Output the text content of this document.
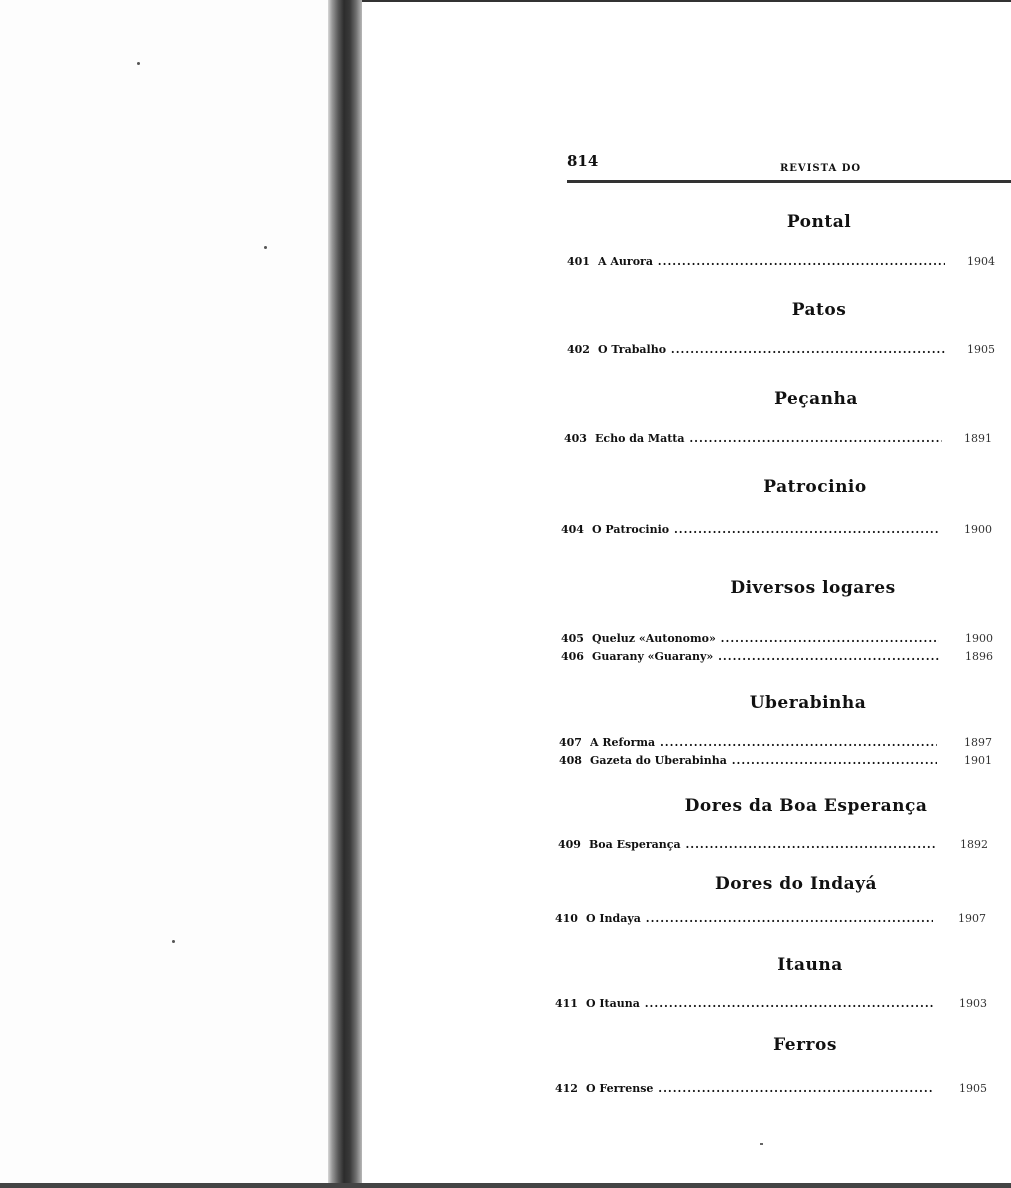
814	REVISTA DO
Pontal
401 A Aurora .....	1904
Patos
402 O Trabalho .....	1905
Peçanha
403 Echo da Matta .....	1891
Patrocinio
404 O Patrocinio .....	1900
Diversos logares
405 Queluz «Autonomo» .....	1900
406 Guarany «Guarany» .....	1896
Uberabinha
407 A Reforma .....	1897
408 Gazeta do Uberabinha .....	1901
Dores da Boa Esperança
409 Boa Esperança .....	1892
Dores do Indayá
410 O Indaya .....	1907
Itauna
411 O Itauna .....	1903
Ferros
412 O Ferrense .....	1905
